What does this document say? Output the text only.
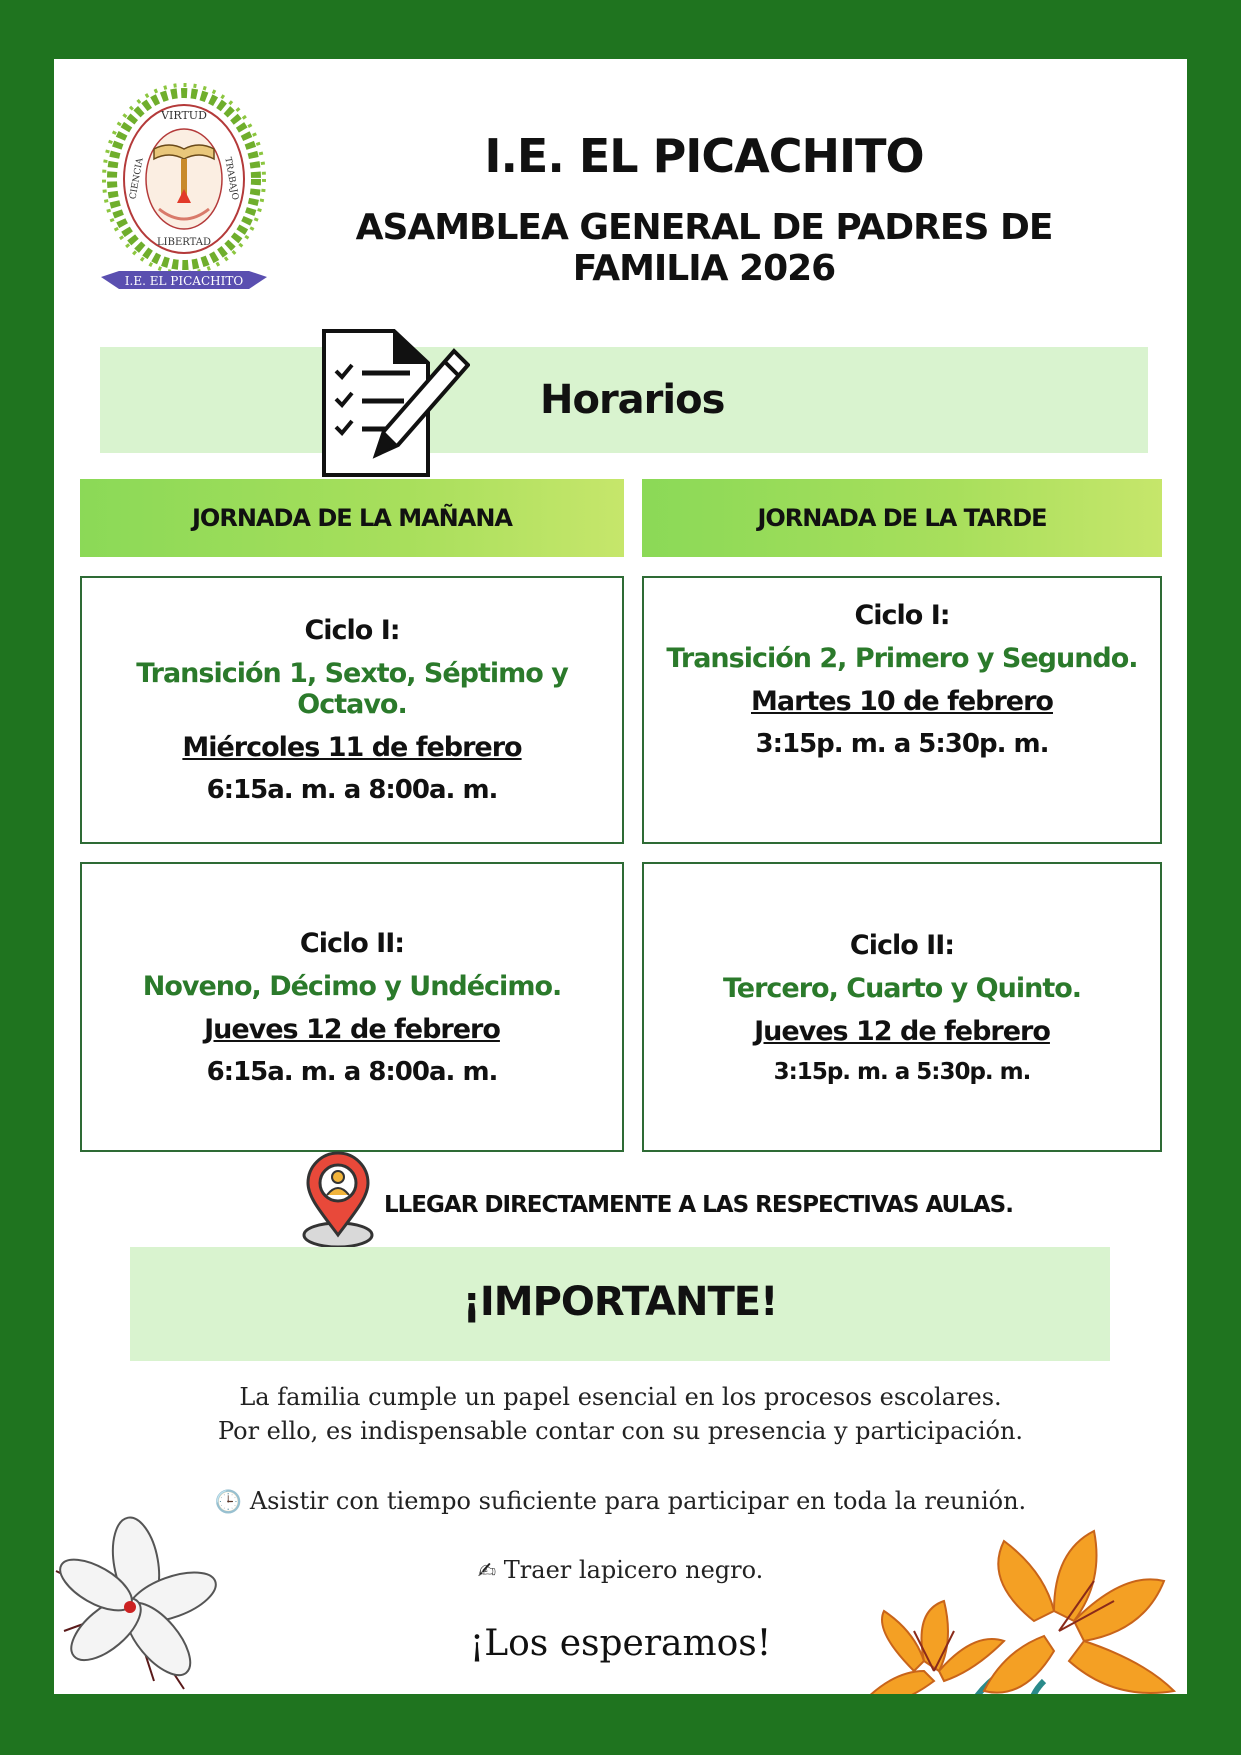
VIRTUD
CIENCIA	TRABAJO
LIBERTAD
I.E. EL PICACHITO
I.E. EL PICACHITO
ASAMBLEA GENERAL DE PADRES DE FAMILIA 2026
Horarios
JORNADA DE LA MAÑANA	JORNADA DE LA TARDE
Ciclo I:
Transición 1, Sexto, Séptimo y Octavo.
Miércoles 11 de febrero
6:15a. m. a 8:00a. m.
Ciclo I:
Transición 2, Primero y Segundo.
Martes 10 de febrero
3:15p. m. a 5:30p. m.
Ciclo II:
Noveno, Décimo y Undécimo.
Jueves 12 de febrero
6:15a. m. a 8:00a. m.
Ciclo II:
Tercero, Cuarto y Quinto.
Jueves 12 de febrero
3:15p. m. a 5:30p. m.
LLEGAR DIRECTAMENTE A LAS RESPECTIVAS AULAS.
¡IMPORTANTE!
La familia cumple un papel esencial en los procesos escolares.
Por ello, es indispensable contar con su presencia y participación.
🕒 Asistir con tiempo suficiente para participar en toda la reunión.
✍ Traer lapicero negro.
¡Los esperamos!
